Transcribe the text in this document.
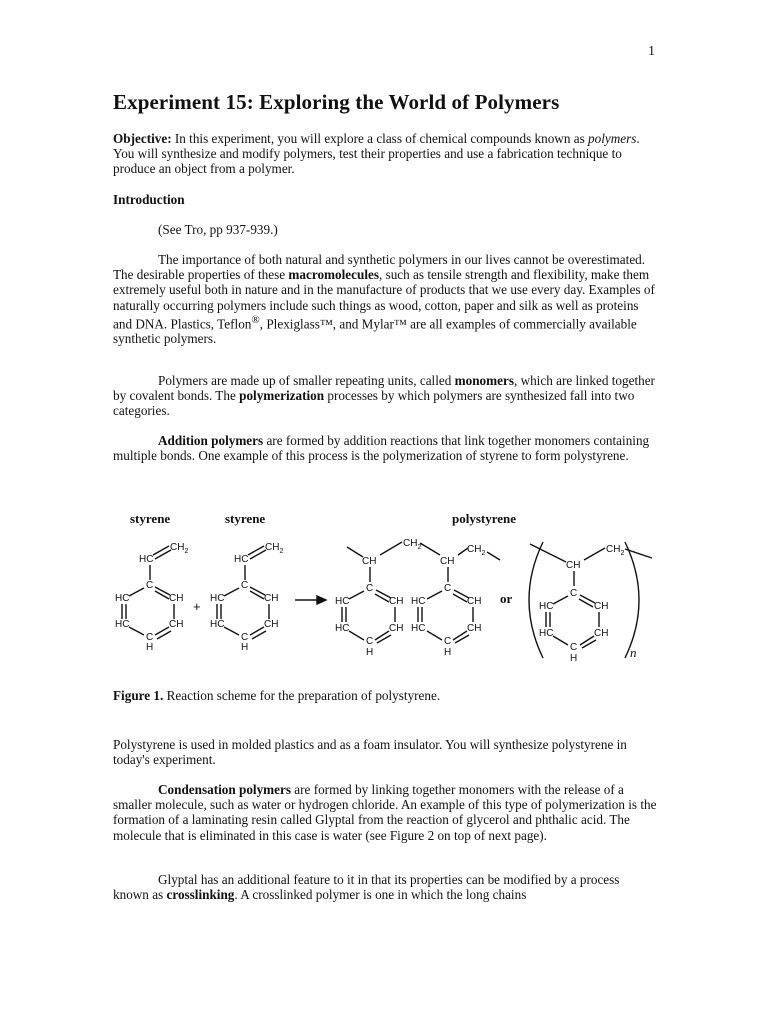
1
Experiment 15: Exploring the World of Polymers

Objective: In this experiment, you will explore a class of chemical compounds known as polymers. You will synthesize and modify polymers, test their properties and use a fabrication technique to produce an object from a polymer.

Introduction

(See Tro, pp 937-939.)

The importance of both natural and synthetic polymers in our lives cannot be overestimated. The desirable properties of these macromolecules, such as tensile strength and flexibility, make them extremely useful both in nature and in the manufacture of products that we use every day. Examples of naturally occurring polymers include such things as wood, cotton, paper and silk as well as proteins and DNA. Plastics, Teflon®, Plexiglass™, and Mylar™ are all examples of commercially available synthetic polymers.

Polymers are made up of smaller repeating units, called monomers, which are linked together by covalent bonds. The polymerization processes by which polymers are synthesized fall into two categories.

Addition polymers are formed by addition reactions that link together monomers containing multiple bonds. One example of this process is the polymerization of styrene to form polystyrene.

styrene	styrene	polystyrene
HC
$CH_2$
C
HC	CH
HC	CH
C
H
+
HC
$CH_2$
C
HC	CH
HC	CH
C
H
CH
$CH_2$
CH
$CH_2$
C
HC	CH
HC	CH
C
H
C
HC	CH
HC	CH
C
H
or
CH
$CH_2$
C
HC	CH
HC	CH
C
H	n

Figure 1. Reaction scheme for the preparation of polystyrene.

Polystyrene is used in molded plastics and as a foam insulator. You will synthesize polystyrene in today's experiment.

Condensation polymers are formed by linking together monomers with the release of a smaller molecule, such as water or hydrogen chloride. An example of this type of polymerization is the formation of a laminating resin called Glyptal from the reaction of glycerol and phthalic acid. The molecule that is eliminated in this case is water (see Figure 2 on top of next page).

Glyptal has an additional feature to it in that its properties can be modified by a process known as crosslinking. A crosslinked polymer is one in which the long chains
